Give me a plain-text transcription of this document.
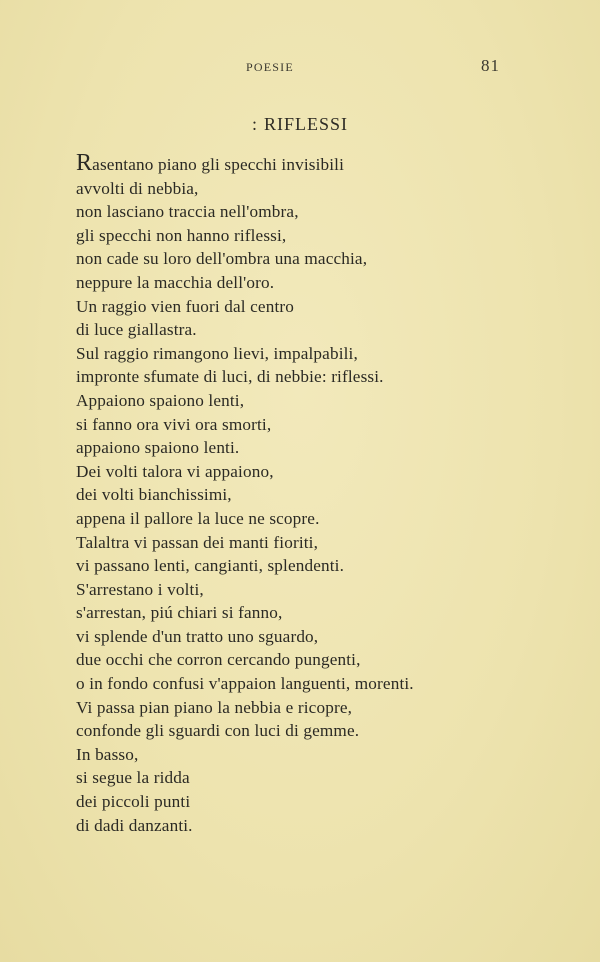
POESIE	81
: RIFLESSI
Rasentano piano gli specchi invisibili
avvolti di nebbia,
non lasciano traccia nell'ombra,
gli specchi non hanno riflessi,
non cade su loro dell'ombra una macchia,
neppure la macchia dell'oro.
Un raggio vien fuori dal centro
di luce giallastra.
Sul raggio rimangono lievi, impalpabili,
impronte sfumate di luci, di nebbie: riflessi.
Appaiono spaiono lenti,
si fanno ora vivi ora smorti,
appaiono spaiono lenti.
Dei volti talora vi appaiono,
dei volti bianchissimi,
appena il pallore la luce ne scopre.
Talaltra vi passan dei manti fioriti,
vi passano lenti, cangianti, splendenti.
S'arrestano i volti,
s'arrestan, piú chiari si fanno,
vi splende d'un tratto uno sguardo,
due occhi che corron cercando pungenti,
o in fondo confusi v'appaion languenti, morenti.
Vi passa pian piano la nebbia e ricopre,
confonde gli sguardi con luci di gemme.
In basso,
si segue la ridda
dei piccoli punti
di dadi danzanti.
